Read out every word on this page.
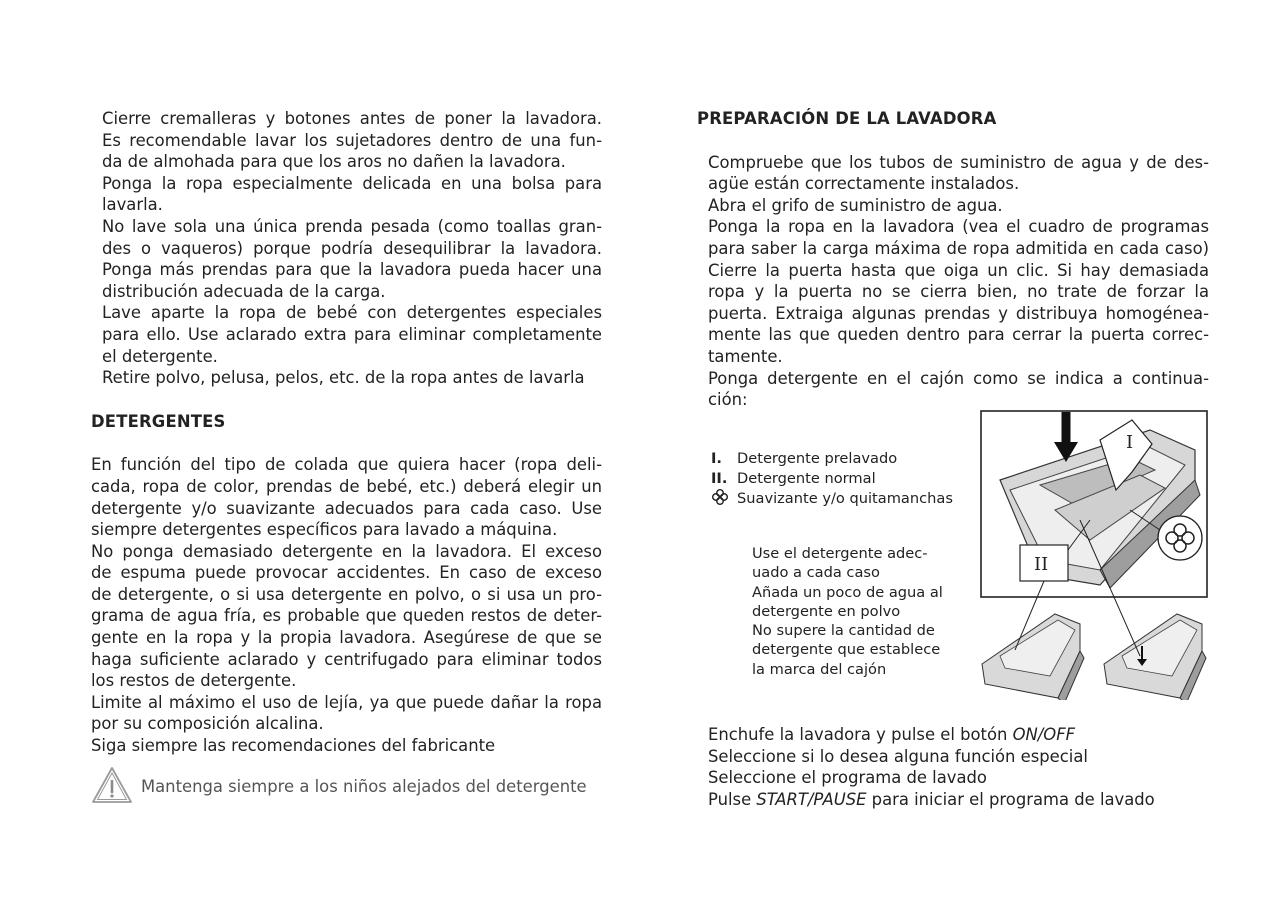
Cierre cremalleras y botones antes de poner la lavadora.
Es recomendable lavar los sujetadores dentro de una fun-
da de almohada para que los aros no dañen la lavadora.
Ponga la ropa especialmente delicada en una bolsa para
lavarla.
No lave sola una única prenda pesada (como toallas gran-
des o vaqueros) porque podría desequilibrar la lavadora.
Ponga más prendas para que la lavadora pueda hacer una
distribución adecuada de la carga.
Lave aparte la ropa de bebé con detergentes especiales
para ello. Use aclarado extra para eliminar completamente
el detergente.
Retire polvo, pelusa, pelos, etc. de la ropa antes de lavarla
DETERGENTES
En función del tipo de colada que quiera hacer (ropa deli-
cada, ropa de color, prendas de bebé, etc.) deberá elegir un
detergente y/o suavizante adecuados para cada caso. Use
siempre detergentes específicos para lavado a máquina.
No ponga demasiado detergente en la lavadora. El exceso
de espuma puede provocar accidentes. En caso de exceso
de detergente, o si usa detergente en polvo, o si usa un pro-
grama de agua fría, es probable que queden restos de deter-
gente en la ropa y la propia lavadora. Asegúrese de que se
haga suficiente aclarado y centrifugado para eliminar todos
los restos de detergente.
Limite al máximo el uso de lejía, ya que puede dañar la ropa
por su composición alcalina.
Siga siempre las recomendaciones del fabricante
Mantenga siempre a los niños alejados del detergente
PREPARACIÓN DE LA LAVADORA
Compruebe que los tubos de suministro de agua y de des-
agüe están correctamente instalados.
Abra el grifo de suministro de agua.
Ponga la ropa en la lavadora (vea el cuadro de programas
para saber la carga máxima de ropa admitida en cada caso)
Cierre la puerta hasta que oiga un clic. Si hay demasiada
ropa y la puerta no se cierra bien, no trate de forzar la
puerta. Extraiga algunas prendas y distribuya homogénea-
mente las que queden dentro para cerrar la puerta correc-
tamente.
Ponga detergente en el cajón como se indica a continua-
ción:
I. Detergente prelavado
II. Detergente normal
Suavizante y/o quitamanchas
Use el detergente adec-
uado a cada caso
Añada un poco de agua al
detergente en polvo
No supere la cantidad de
detergente que establece
la marca del cajón
I
II
Enchufe la lavadora y pulse el botón ON/OFF
Seleccione si lo desea alguna función especial
Seleccione el programa de lavado
Pulse START/PAUSE para iniciar el programa de lavado
